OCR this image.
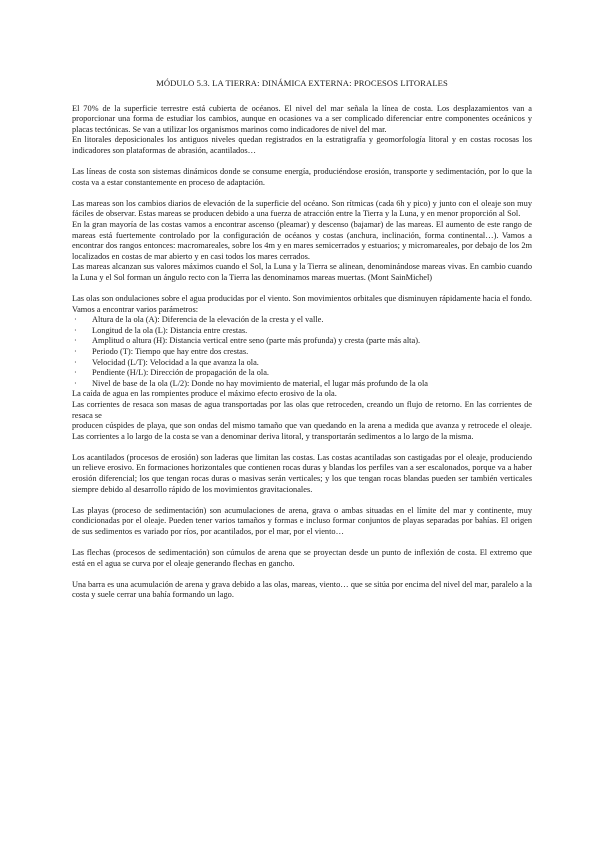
MÓDULO 5.3. LA TIERRA: DINÁMICA EXTERNA: PROCESOS LITORALES

El 70% de la superficie terrestre está cubierta de océanos. El nivel del mar señala la línea de costa. Los desplazamientos van a proporcionar una forma de estudiar los cambios, aunque en ocasiones va a ser complicado diferenciar entre componentes oceánicos y placas tectónicas. Se van a utilizar los organismos marinos como indicadores de nivel del mar.

En litorales deposicionales los antiguos niveles quedan registrados en la estratigrafía y geomorfología litoral y en costas rocosas los indicadores son plataformas de abrasión, acantilados…

Las líneas de costa son sistemas dinámicos donde se consume energía, produciéndose erosión, transporte y sedimentación, por lo que la costa va a estar constantemente en proceso de adaptación.

Las mareas son los cambios diarios de elevación de la superficie del océano. Son rítmicas (cada 6h y pico) y junto con el oleaje son muy fáciles de observar. Estas mareas se producen debido a una fuerza de atracción entre la Tierra y la Luna, y en menor proporción al Sol.

En la gran mayoría de las costas vamos a encontrar ascenso (pleamar) y descenso (bajamar) de las mareas. El aumento de este rango de mareas está fuertemente controlado por la configuración de océanos y costas (anchura, inclinación, forma continental…). Vamos a encontrar dos rangos entonces: macromareales, sobre los 4m y en mares semicerrados y estuarios; y micromareales, por debajo de los 2m localizados en costas de mar abierto y en casi todos los mares cerrados.

Las mareas alcanzan sus valores máximos cuando el Sol, la Luna y la Tierra se alinean, denominándose mareas vivas. En cambio cuando la Luna y el Sol forman un ángulo recto con la Tierra las denominamos mareas muertas. (Mont SainMichel)

Las olas son ondulaciones sobre el agua producidas por el viento. Son movimientos orbitales que disminuyen rápidamente hacia el fondo. Vamos a encontrar varios parámetros:

· Altura de la ola (A): Diferencia de la elevación de la cresta y el valle.
· Longitud de la ola (L): Distancia entre crestas.
· Amplitud o altura (H): Distancia vertical entre seno (parte más profunda) y cresta (parte más alta).
· Periodo (T): Tiempo que hay entre dos crestas.
· Velocidad (L/T): Velocidad a la que avanza la ola.
· Pendiente (H/L): Dirección de propagación de la ola.
· Nivel de base de la ola (L/2): Donde no hay movimiento de material, el lugar más profundo de la ola

La caída de agua en las rompientes produce el máximo efecto erosivo de la ola.

Las corrientes de resaca son masas de agua transportadas por las olas que retroceden, creando un flujo de retorno. En las corrientes de resaca se

producen cúspides de playa, que son ondas del mismo tamaño que van quedando en la arena a medida que avanza y retrocede el oleaje. Las corrientes a lo largo de la costa se van a denominar deriva litoral, y transportarán sedimentos a lo largo de la misma.

Los acantilados (procesos de erosión) son laderas que limitan las costas. Las costas acantiladas son castigadas por el oleaje, produciendo un relieve erosivo. En formaciones horizontales que contienen rocas duras y blandas los perfiles van a ser escalonados, porque va a haber erosión diferencial; los que tengan rocas duras o masivas serán verticales; y los que tengan rocas blandas pueden ser también verticales siempre debido al desarrollo rápido de los movimientos gravitacionales.

Las playas (proceso de sedimentación) son acumulaciones de arena, grava o ambas situadas en el límite del mar y continente, muy condicionadas por el oleaje. Pueden tener varios tamaños y formas e incluso formar conjuntos de playas separadas por bahías. El origen de sus sedimentos es variado por ríos, por acantilados, por el mar, por el viento…

Las flechas (procesos de sedimentación) son cúmulos de arena que se proyectan desde un punto de inflexión de costa. El extremo que está en el agua se curva por el oleaje generando flechas en gancho.

Una barra es una acumulación de arena y grava debido a las olas, mareas, viento… que se sitúa por encima del nivel del mar, paralelo a la costa y suele cerrar una bahía formando un lago.
